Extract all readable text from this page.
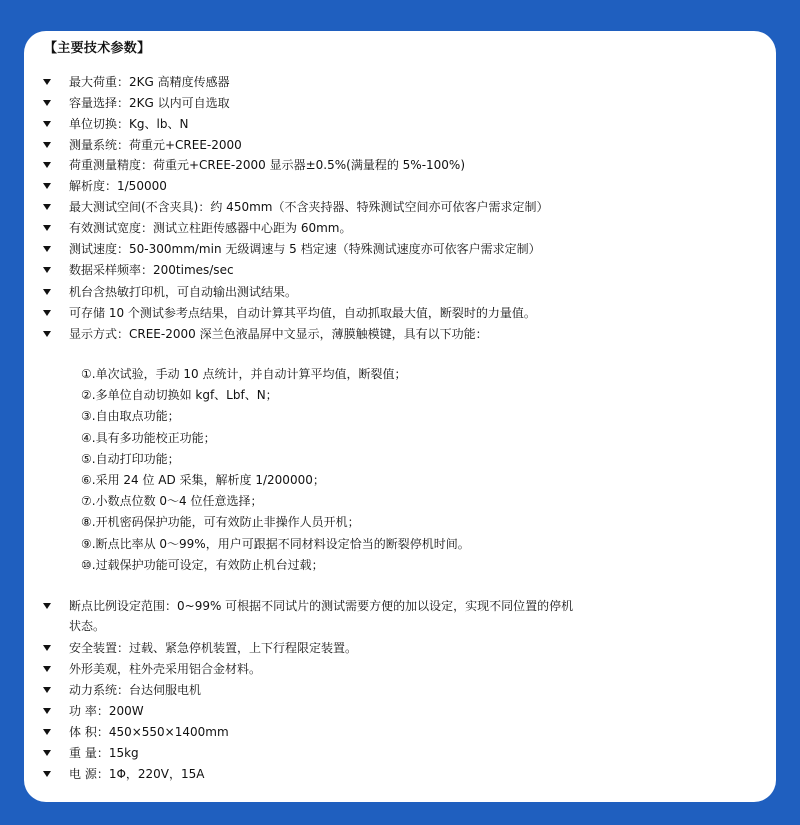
【主要技术参数】
最大荷重：2KG 高精度传感器
容量选择：2KG 以内可自选取
单位切换：Kg、lb、N
测量系统：荷重元+CREE-2000
荷重测量精度：荷重元+CREE-2000 显示器±0.5%(满量程的 5%-100%)
解析度：1/50000
最大测试空间(不含夹具)：约 450mm（不含夹持器、特殊测试空间亦可依客户需求定制）
有效测试宽度：测试立柱距传感器中心距为 60mm。
测试速度：50-300mm/min 无级调速与 5 档定速（特殊测试速度亦可依客户需求定制）
数据采样频率：200times/sec
机台含热敏打印机，可自动输出测试结果。
可存储 10 个测试参考点结果，自动计算其平均值，自动抓取最大值，断裂时的力量值。
显示方式：CREE-2000 深兰色液晶屏中文显示，薄膜触模键，具有以下功能：
①.单次试验，手动 10 点统计，并自动计算平均值，断裂值；
②.多单位自动切换如 kgf、Lbf、N；
③.自由取点功能；
④.具有多功能校正功能；
⑤.自动打印功能；
⑥.采用 24 位 AD 采集，解析度 1/200000；
⑦.小数点位数 0～4 位任意选择；
⑧.开机密码保护功能，可有效防止非操作人员开机；
⑨.断点比率从 0～99%，用户可跟据不同材料设定恰当的断裂停机时间。
⑩.过载保护功能可设定，有效防止机台过载；
断点比例设定范围：0~99% 可根据不同试片的测试需要方便的加以设定，实现不同位置的停机
状态。
安全装置：过载、紧急停机装置，上下行程限定装置。
外形美观，柱外壳采用铝合金材料。
动力系统：台达伺服电机
功 率：200W
体 积：450×550×1400mm
重 量：15kg
电 源：1Φ，220V，15A
